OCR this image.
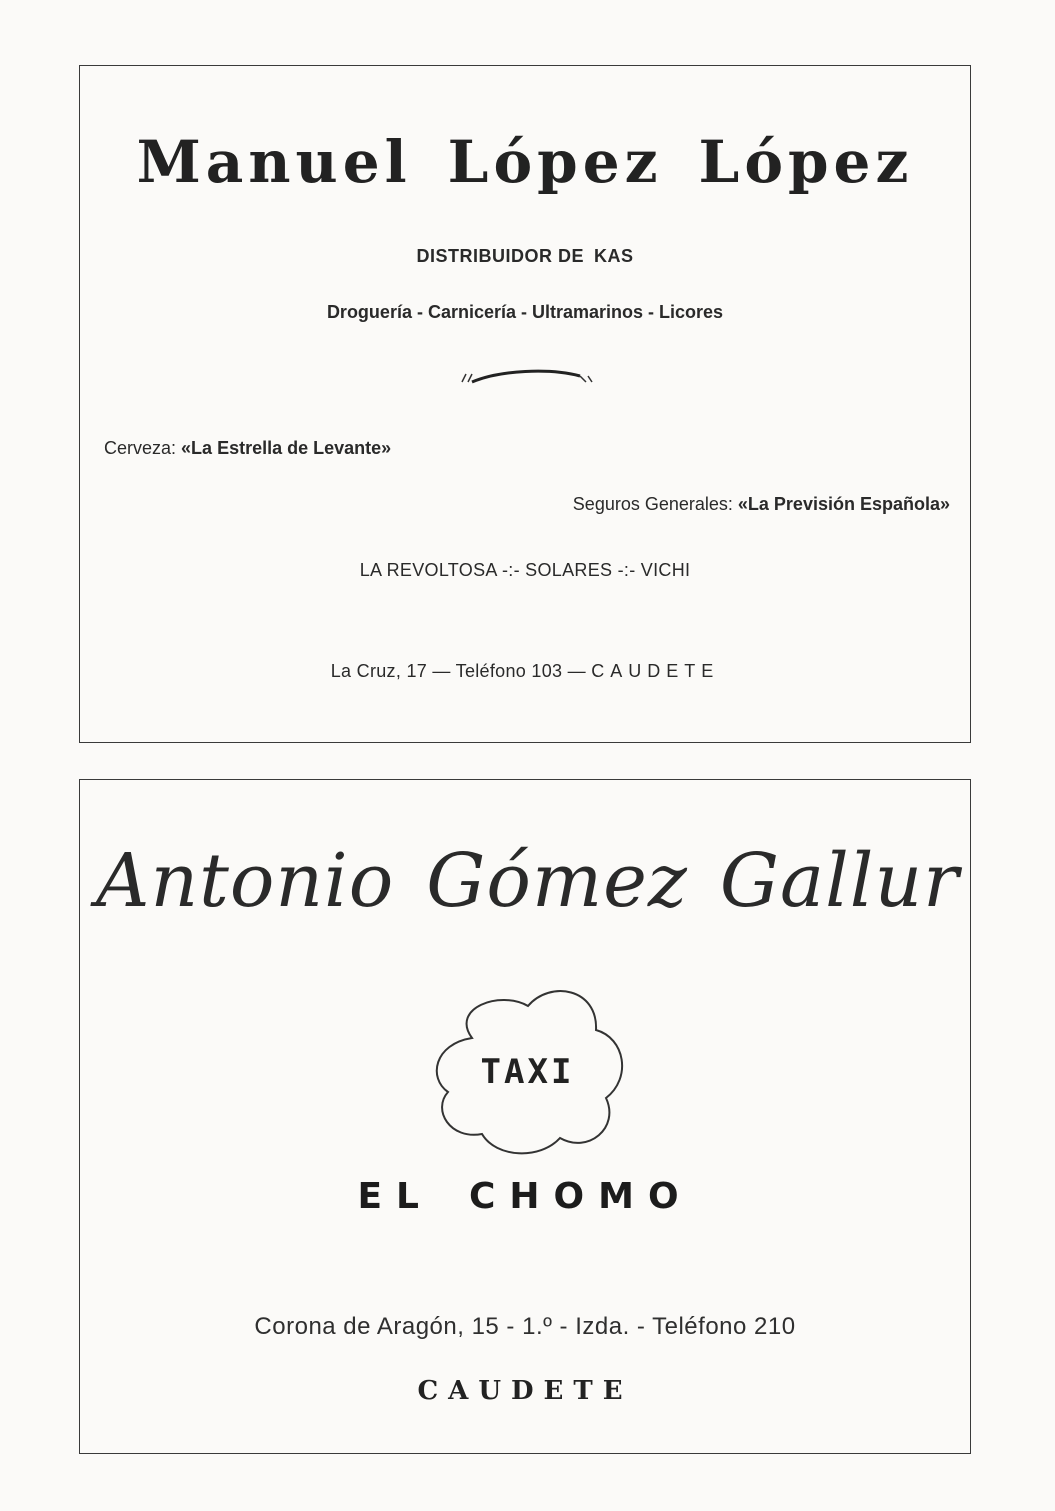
Manuel López López
DISTRIBUIDOR DE KAS
Droguería - Carnicería - Ultramarinos - Licores
Cerveza: «La Estrella de Levante»
Seguros Generales: «La Previsión Española»
LA REVOLTOSA -:- SOLARES -:- VICHI
La Cruz, 17 — Teléfono 103 — CAUDETE
Antonio Gómez Gallur
TAXI
EL CHOMO
Corona de Aragón, 15 - 1.º - Izda. - Teléfono 210
CAUDETE
